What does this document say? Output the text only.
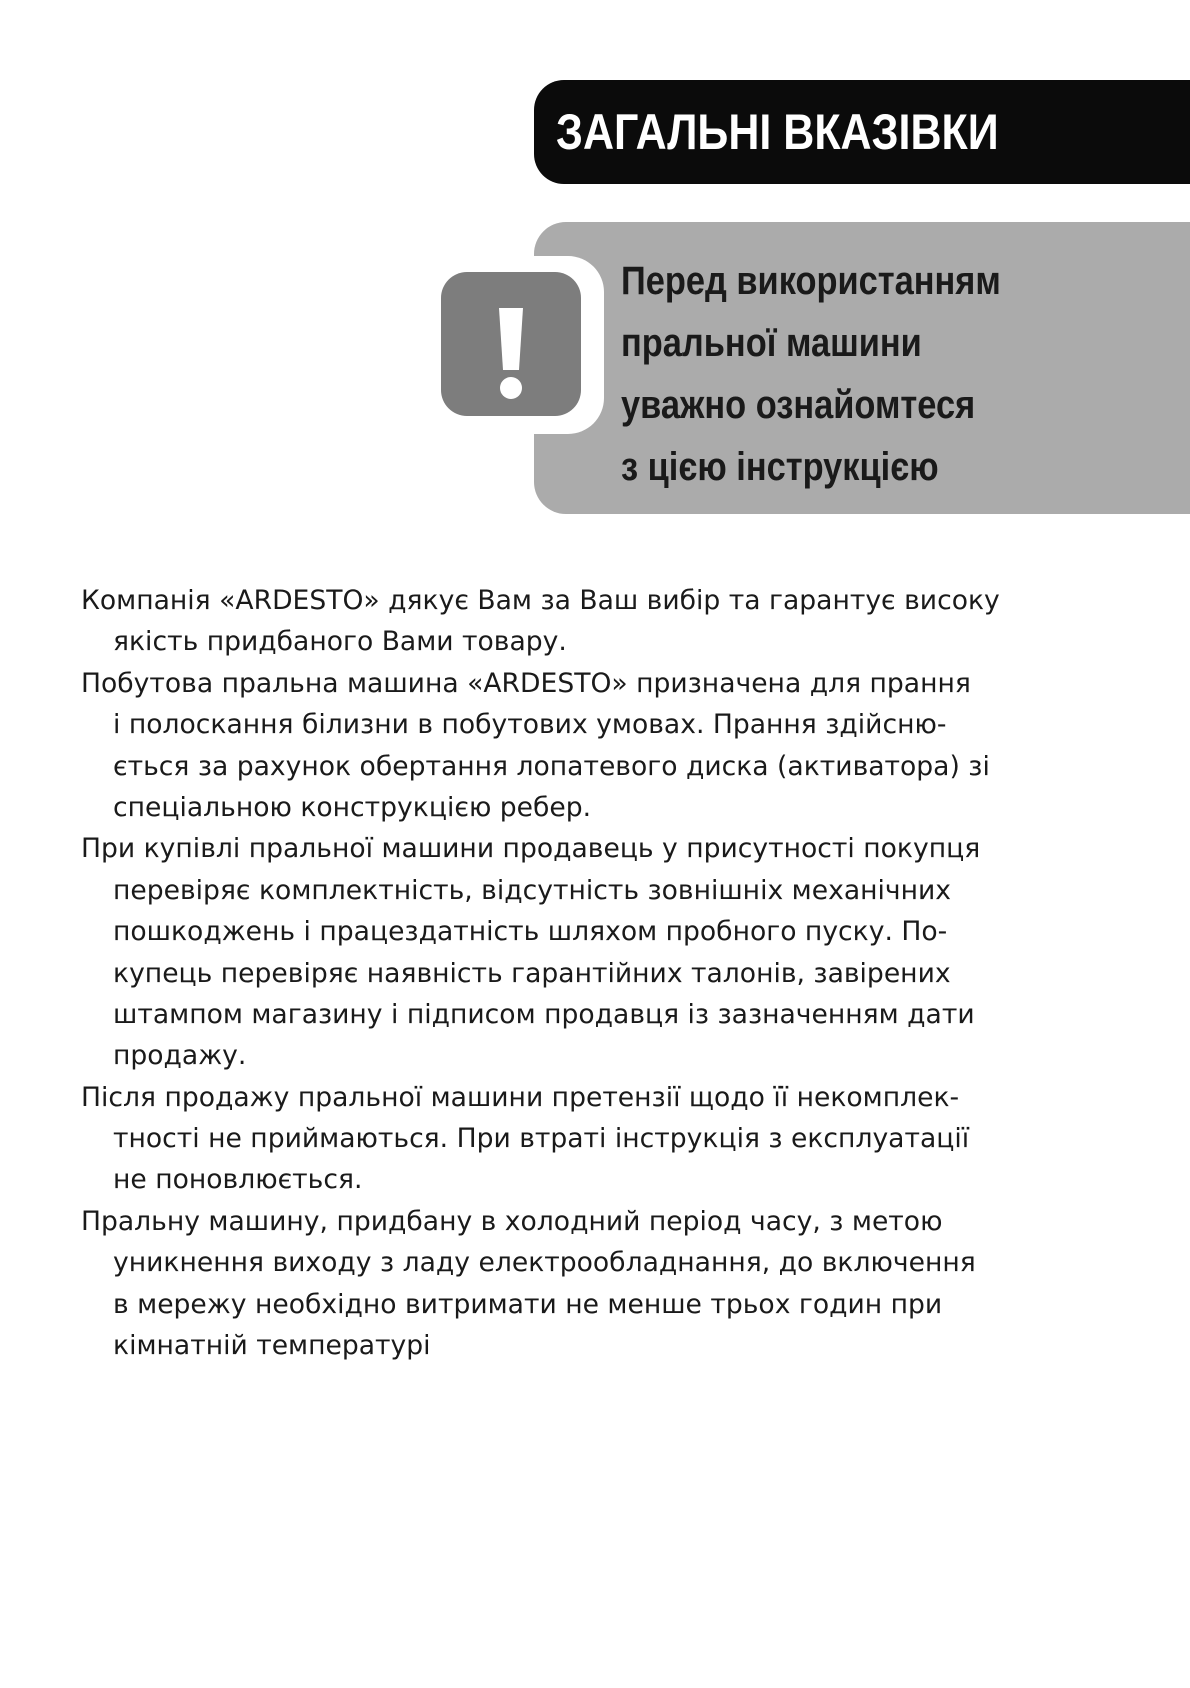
ЗАГАЛЬНІ ВКАЗІВКИ
Перед використанням
пральної машини
уважно ознайомтеся
з цією інструкцією
Компанія «ARDESTO» дякує Вам за Ваш вибір та гарантує високу
якість придбаного Вами товару.
Побутова пральна машина «ARDESTO» призначена для прання
і полоскання білизни в побутових умовах. Прання здійсню-
ється за рахунок обертання лопатевого диска (активатора) зі
спеціальною конструкцією ребер.
При купівлі пральної машини продавець у присутності покупця
перевіряє комплектність, відсутність зовнішніх механічних
пошкоджень і працездатність шляхом пробного пуску. По-
купець перевіряє наявність гарантійних талонів, завірених
штампом магазину і підписом продавця із зазначенням дати
продажу.
Після продажу пральної машини претензії щодо її некомплек-
тності не приймаються. При втраті інструкція з експлуатації
не поновлюється.
Пральну машину, придбану в холодний період часу, з метою
уникнення виходу з ладу електрообладнання, до включення
в мережу необхідно витримати не менше трьох годин при
кімнатній температурі
